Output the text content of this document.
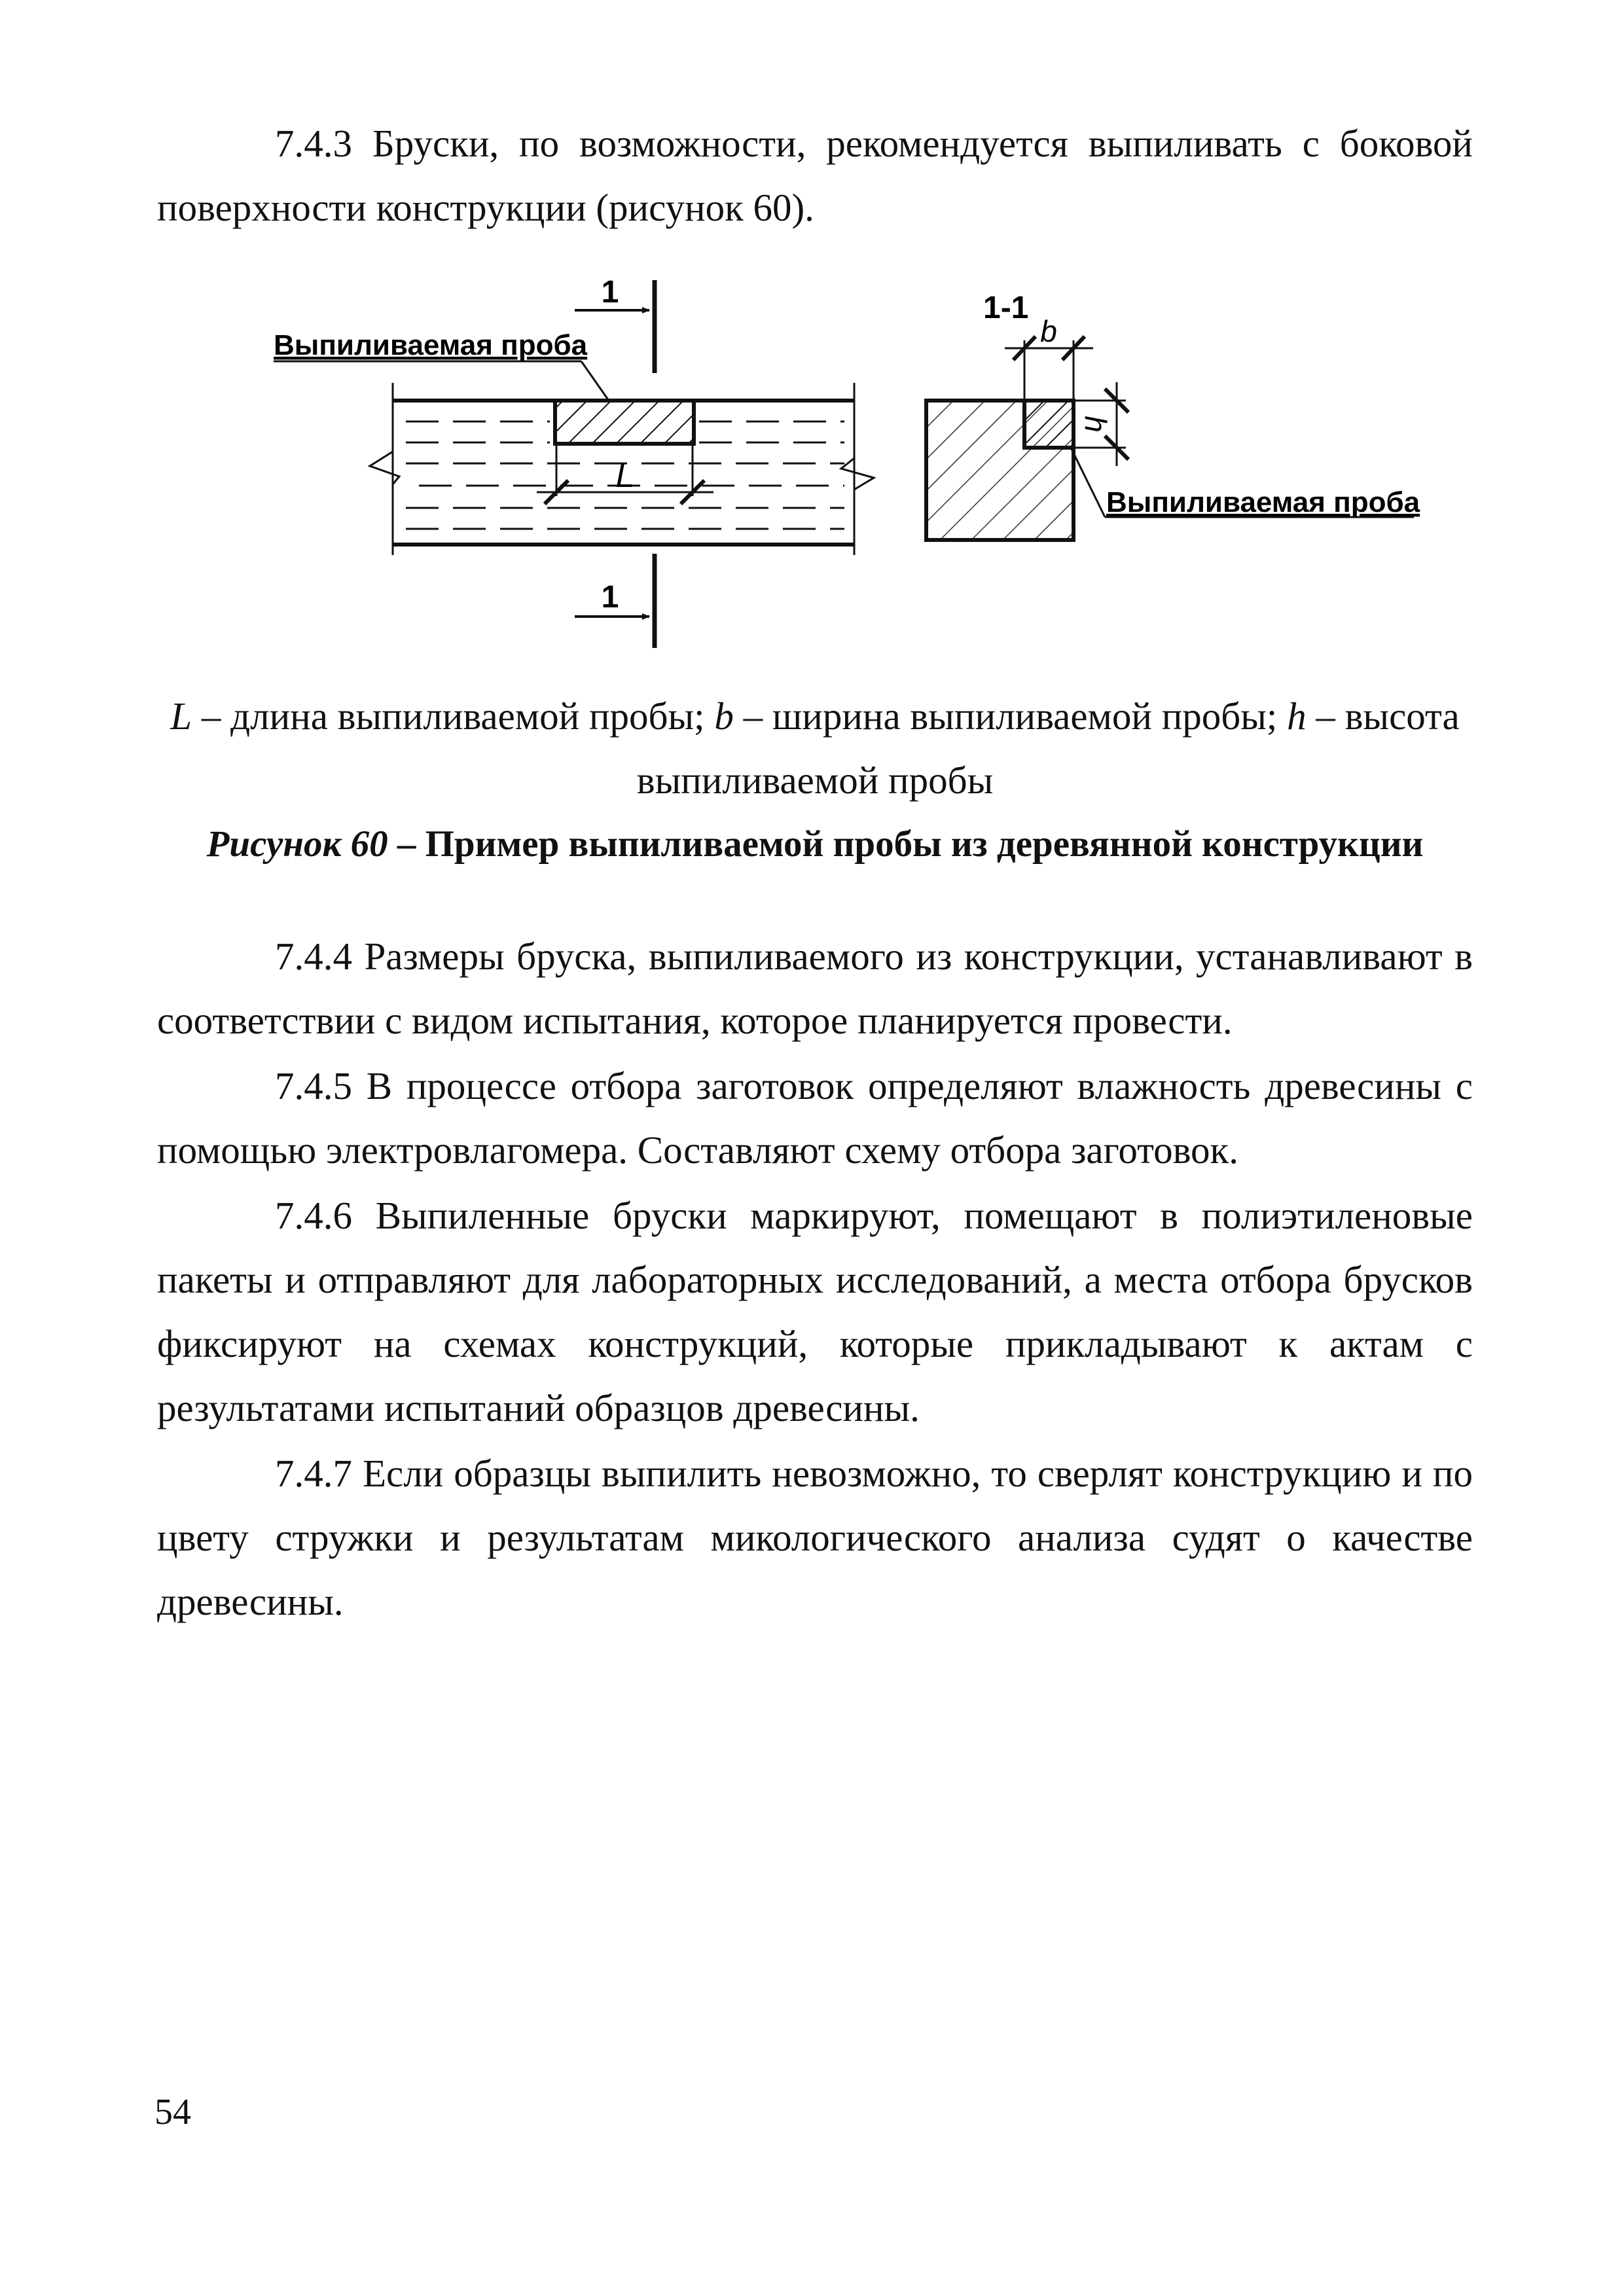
7.4.3 Бруски, по возможности, рекомендуется выпиливать с боковой поверхности конструкции (рисунок 60).

L
1
1
Выпиливаемая проба
1-1
b
h
Выпиливаемая проба

L – длина выпиливаемой пробы; b – ширина выпиливаемой пробы; h – высота

выпиливаемой пробы

Рисунок 60 – Пример выпиливаемой пробы из деревянной конструкции

7.4.4 Размеры бруска, выпиливаемого из конструкции, устанавливают в соответствии с видом испытания, которое планируется провести.

7.4.5 В процессе отбора заготовок определяют влажность древесины с помощью электровлагомера. Составляют схему отбора заготовок.

7.4.6 Выпиленные бруски маркируют, помещают в полиэтиленовые пакеты и отправляют для лабораторных исследований, а места отбора брусков фиксируют на схемах конструкций, которые прикладывают к актам с результатами испытаний образцов древесины.

7.4.7 Если образцы выпилить невозможно, то сверлят конструкцию и по цвету стружки и результатам микологического анализа судят о качестве древесины.

54
